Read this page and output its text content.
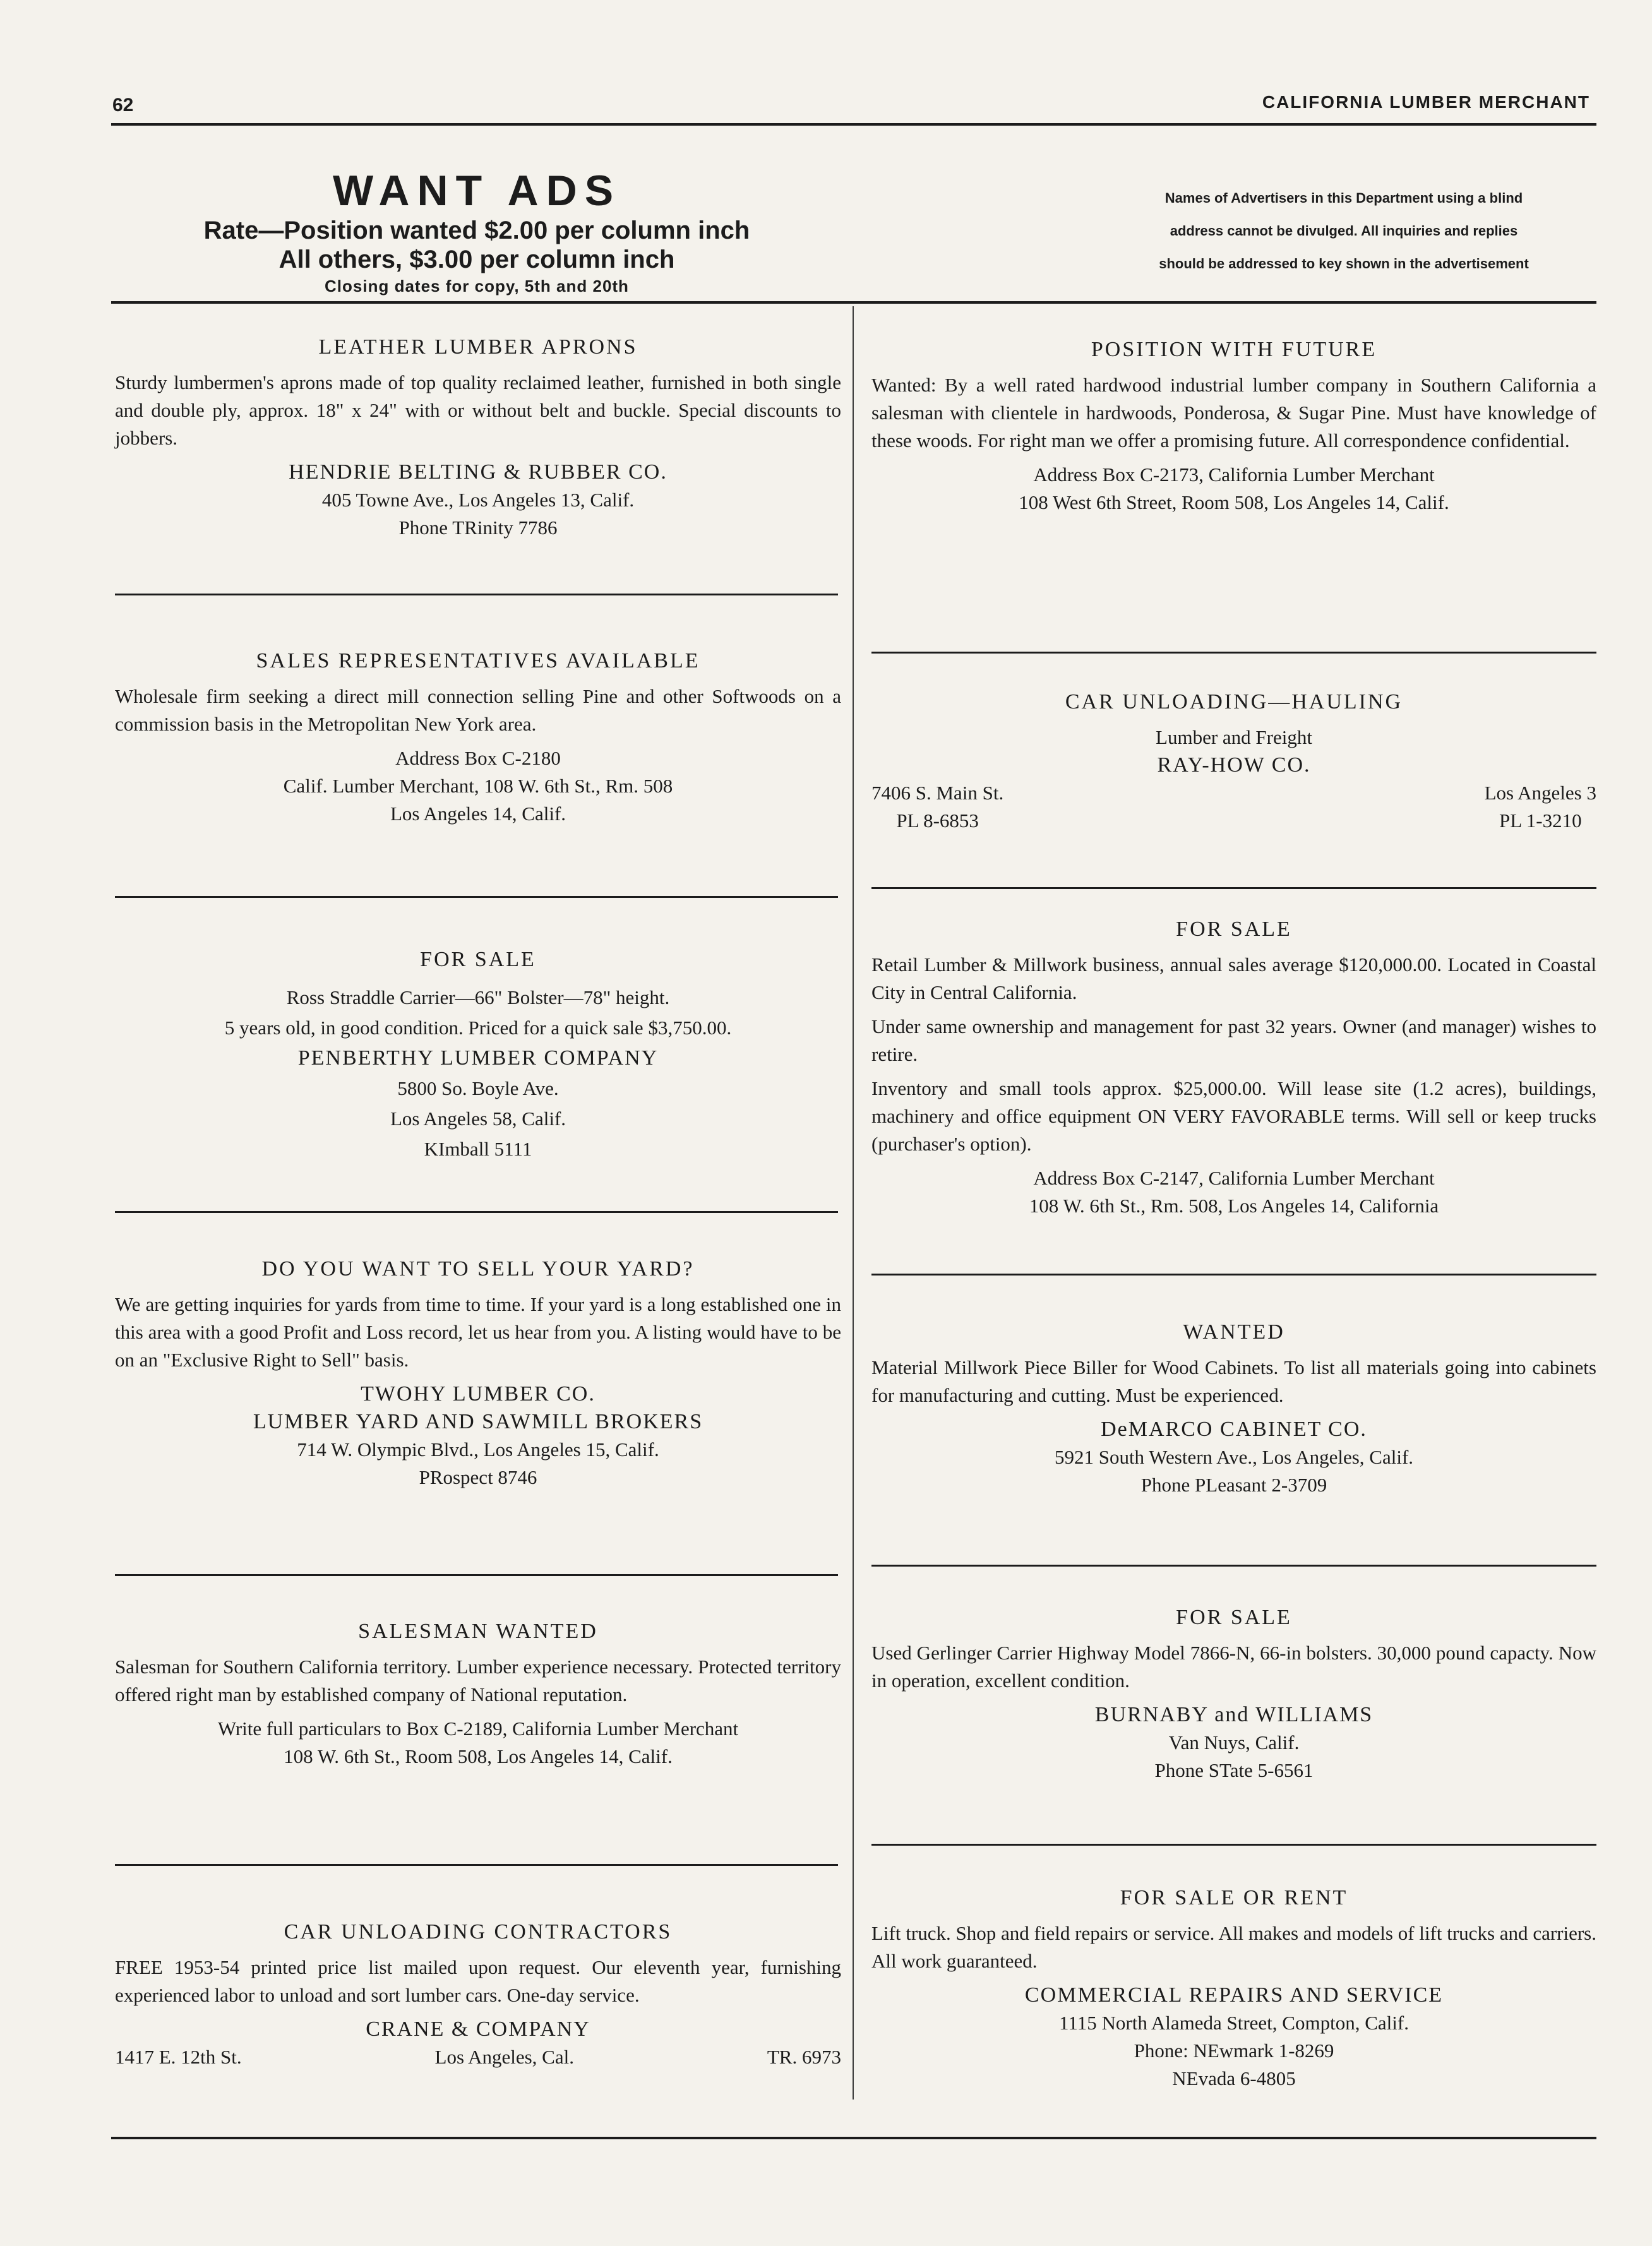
62	CALIFORNIA LUMBER MERCHANT
WANT ADS
Rate—Position wanted $2.00 per column inch
All others, $3.00 per column inch
Closing dates for copy, 5th and 20th
Names of Advertisers in this Department using a blind
address cannot be divulged. All inquiries and replies
should be addressed to key shown in the advertisement
LEATHER LUMBER APRONS

Sturdy lumbermen's aprons made of top quality reclaimed leather, furnished in both single and double ply, approx. 18" x 24" with or without belt and buckle. Special discounts to jobbers.

HENDRIE BELTING & RUBBER CO.
405 Towne Ave., Los Angeles 13, Calif.
Phone TRinity 7786
SALES REPRESENTATIVES AVAILABLE

Wholesale firm seeking a direct mill connection selling Pine and other Softwoods on a commission basis in the Metropolitan New York area.

Address Box C-2180
Calif. Lumber Merchant, 108 W. 6th St., Rm. 508
Los Angeles 14, Calif.
FOR SALE
Ross Straddle Carrier—66" Bolster—78" height.
5 years old, in good condition. Priced for a quick sale $3,750.00.
PENBERTHY LUMBER COMPANY
5800 So. Boyle Ave.
Los Angeles 58, Calif.
KImball 5111
DO YOU WANT TO SELL YOUR YARD?

We are getting inquiries for yards from time to time. If your yard is a long established one in this area with a good Profit and Loss record, let us hear from you. A listing would have to be on an "Exclusive Right to Sell" basis.

TWOHY LUMBER CO.
LUMBER YARD AND SAWMILL BROKERS
714 W. Olympic Blvd., Los Angeles 15, Calif.
PRospect 8746
SALESMAN WANTED

Salesman for Southern California territory. Lumber experience necessary. Protected territory offered right man by established company of National reputation.

Write full particulars to Box C-2189, California Lumber Merchant
108 W. 6th St., Room 508, Los Angeles 14, Calif.
CAR UNLOADING CONTRACTORS

FREE 1953-54 printed price list mailed upon request. Our eleventh year, furnishing experienced labor to unload and sort lumber cars. One-day service.

CRANE & COMPANY
1417 E. 12th St.	Los Angeles, Cal.	TR. 6973
POSITION WITH FUTURE

Wanted: By a well rated hardwood industrial lumber company in Southern California a salesman with clientele in hardwoods, Ponderosa, & Sugar Pine. Must have knowledge of these woods. For right man we offer a promising future. All correspondence confidential.

Address Box C-2173, California Lumber Merchant
108 West 6th Street, Room 508, Los Angeles 14, Calif.
CAR UNLOADING—HAULING
Lumber and Freight
RAY-HOW CO.
7406 S. Main St.
PL 8-6853
Los Angeles 3
PL 1-3210
FOR SALE

Retail Lumber & Millwork business, annual sales average $120,000.00. Located in Coastal City in Central California.

Under same ownership and management for past 32 years. Owner (and manager) wishes to retire.

Inventory and small tools approx. $25,000.00. Will lease site (1.2 acres), buildings, machinery and office equipment ON VERY FAVORABLE terms. Will sell or keep trucks (purchaser's option).

Address Box C-2147, California Lumber Merchant
108 W. 6th St., Rm. 508, Los Angeles 14, California
WANTED

Material Millwork Piece Biller for Wood Cabinets. To list all materials going into cabinets for manufacturing and cutting. Must be experienced.

DeMARCO CABINET CO.
5921 South Western Ave., Los Angeles, Calif.
Phone PLeasant 2-3709
FOR SALE

Used Gerlinger Carrier Highway Model 7866-N, 66-in bolsters. 30,000 pound capacty. Now in operation, excellent condition.

BURNABY and WILLIAMS
Van Nuys, Calif.
Phone STate 5-6561
FOR SALE OR RENT

Lift truck. Shop and field repairs or service. All makes and models of lift trucks and carriers. All work guaranteed.

COMMERCIAL REPAIRS AND SERVICE
1115 North Alameda Street, Compton, Calif.
Phone: NEwmark 1-8269
NEvada 6-4805
